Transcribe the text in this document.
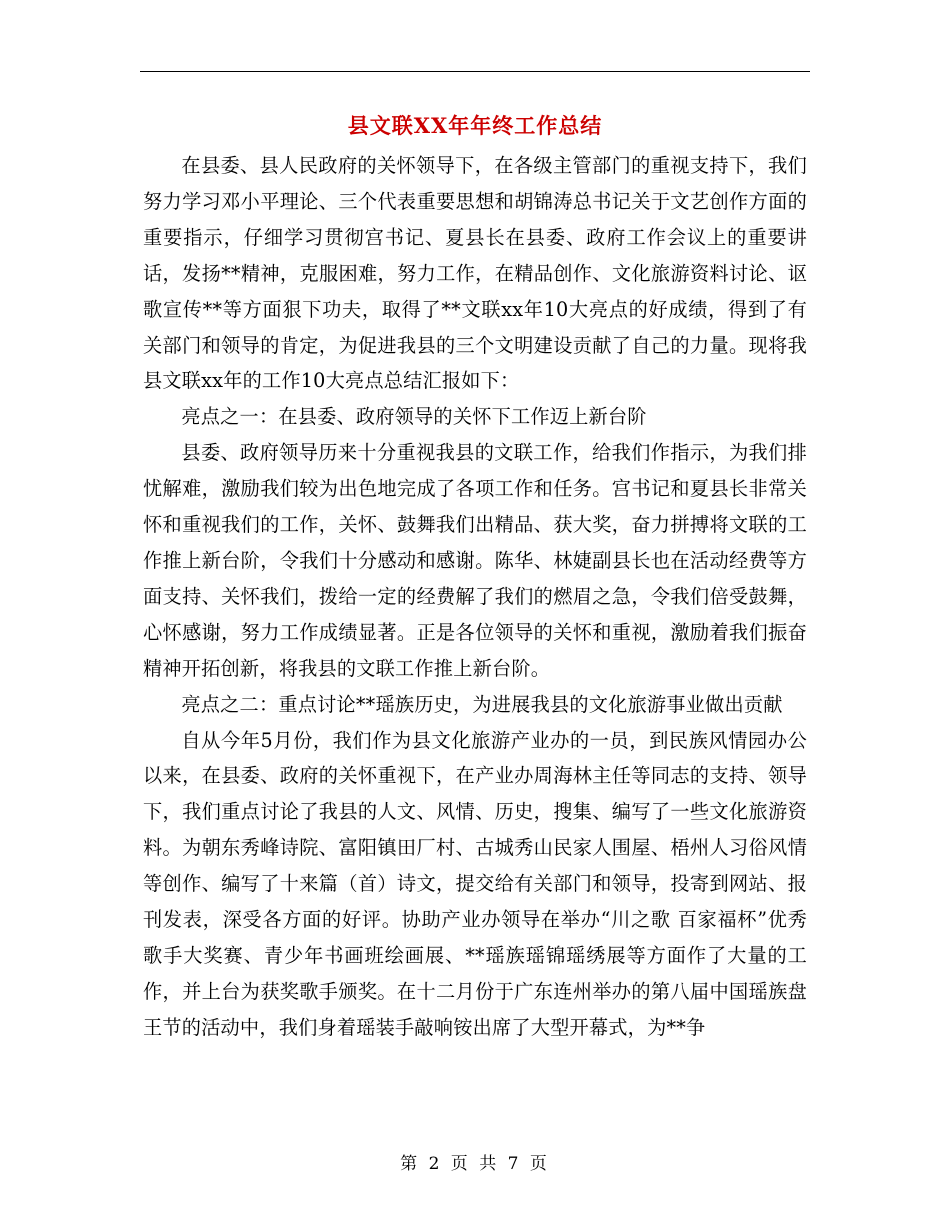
县文联XX年年终工作总结

在县委、县人民政府的关怀领导下，在各级主管部门的重视支持下，我们努力学习邓小平理论、三个代表重要思想和胡锦涛总书记关于文艺创作方面的重要指示，仔细学习贯彻宫书记、夏县长在县委、政府工作会议上的重要讲话，发扬**精神，克服困难，努力工作，在精品创作、文化旅游资料讨论、讴歌宣传**等方面狠下功夫，取得了**文联xx年10大亮点的好成绩，得到了有关部门和领导的肯定，为促进我县的三个文明建设贡献了自己的力量。现将我县文联xx年的工作10大亮点总结汇报如下：

亮点之一：在县委、政府领导的关怀下工作迈上新台阶

县委、政府领导历来十分重视我县的文联工作，给我们作指示，为我们排忧解难，激励我们较为出色地完成了各项工作和任务。宫书记和夏县长非常关怀和重视我们的工作，关怀、鼓舞我们出精品、获大奖，奋力拼搏将文联的工作推上新台阶，令我们十分感动和感谢。陈华、林婕副县长也在活动经费等方面支持、关怀我们，拨给一定的经费解了我们的燃眉之急，令我们倍受鼓舞，心怀感谢，努力工作成绩显著。正是各位领导的关怀和重视，激励着我们振奋精神开拓创新，将我县的文联工作推上新台阶。

亮点之二：重点讨论**瑶族历史，为进展我县的文化旅游事业做出贡献

自从今年5月份，我们作为县文化旅游产业办的一员，到民族风情园办公以来，在县委、政府的关怀重视下，在产业办周海林主任等同志的支持、领导下，我们重点讨论了我县的人文、风情、历史，搜集、编写了一些文化旅游资料。为朝东秀峰诗院、富阳镇田厂村、古城秀山民家人围屋、梧州人习俗风情等创作、编写了十来篇（首）诗文，提交给有关部门和领导，投寄到网站、报刊发表，深受各方面的好评。协助产业办领导在举办“川之歌 百家福杯”优秀歌手大奖赛、青少年书画班绘画展、**瑶族瑶锦瑶绣展等方面作了大量的工作，并上台为获奖歌手颁奖。在十二月份于广东连州举办的第八届中国瑶族盘王节的活动中，我们身着瑶装手敲响铵出席了大型开幕式，为**争

第 2 页 共 7 页
